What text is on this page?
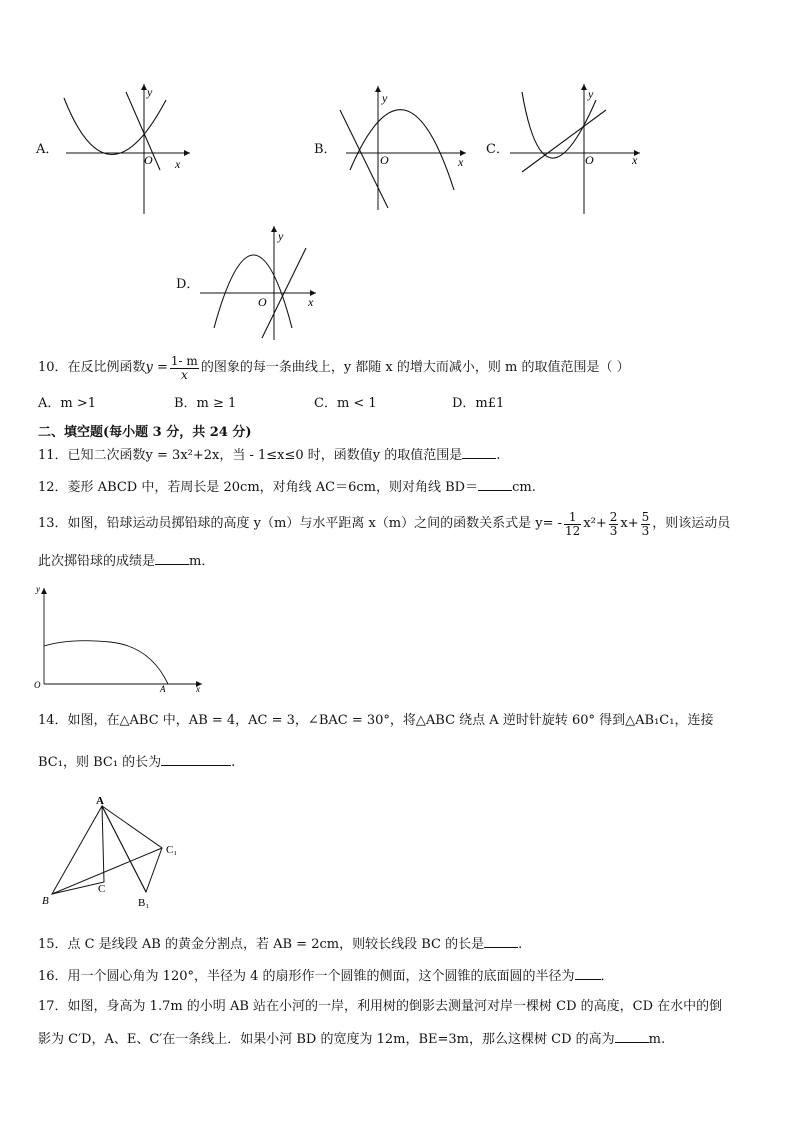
A．
y
x
O
B．
y
x
O
C．
y
x
O
D．
y
x
O
10．在反比例函数 $y = \frac{1- m}{x}$ 的图象的每一条曲线上，y 都随 x 的增大而减小，则 m 的取值范围是（ ）
A．m >1	B．m ≥ 1	C．m < 1	D．m£1
二、填空题(每小题 3 分，共 24 分)
11．已知二次函数y = 3x²+2x，当 - 1≤x≤0 时，函数值y 的取值范围是	.
12．菱形 ABCD 中，若周长是 20cm，对角线 AC＝6cm，则对角线 BD＝	cm.
13．如图，铅球运动员掷铅球的高度 y（m）与水平距离 x（m）之间的函数关系式是 $y= - \frac{1}{12} x^2+ \frac{2}{3} x+ \frac{5}{3}$ ，则该运动员
此次掷铅球的成绩是	m．
y
x
O	A
14．如图，在△ABC 中，AB = 4，AC = 3，∠BAC = 30°，将△ABC 绕点 A 逆时针旋转 60° 得到△AB₁C₁，连接
BC₁，则 BC₁ 的长为	.
A
B
C
C₁
B₁
15．点 C 是线段 AB 的黄金分割点，若 AB = 2cm，则较长线段 BC 的长是	.
16．用一个圆心角为 120°，半径为 4 的扇形作一个圆锥的侧面，这个圆锥的底面圆的半径为 ．
17．如图，身高为 1.7m 的小明 AB 站在小河的一岸，利用树的倒影去测量河对岸一棵树 CD 的高度，CD 在水中的倒
影为 C′D，A、E、C′在一条线上．如果小河 BD 的宽度为 12m，BE=3m，那么这棵树 CD 的高为	m.
